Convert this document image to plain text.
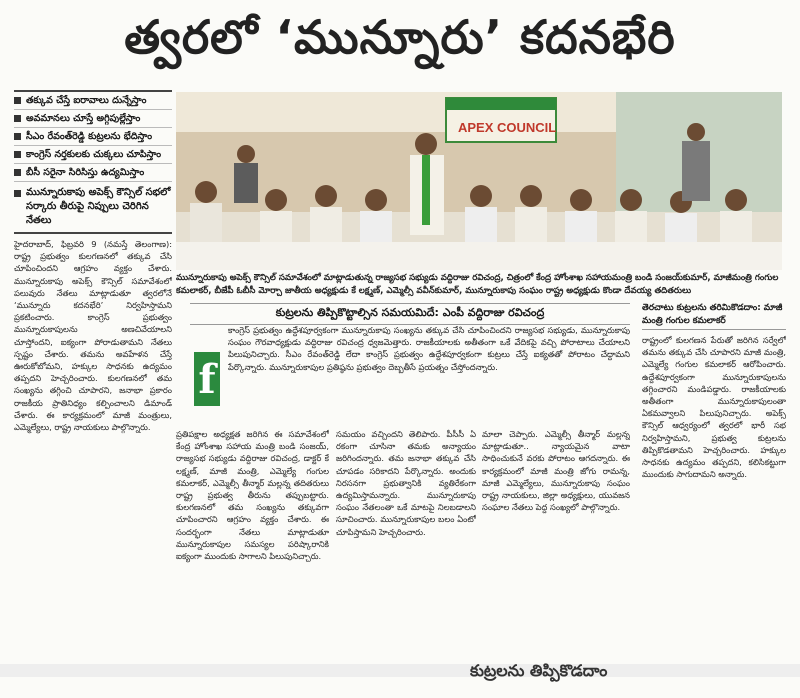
త్వరలో ‘మున్నూరు’ కదనభేరి
తక్కువ చేస్తే ఐరావాలు దున్నేస్తాం
అవమానలు చూస్తే అగ్గిపుల్లేస్తాం
సీఎం రేవంత్‌రెడ్డి కుట్రలను భేదిస్తాం
కాంగ్రెస్ నర్తకులకు చుక్కలు చూపిస్తాం
బీసీ సరైనా సిరిసిస్తు ఉద్యమిస్తాం
మున్నూరుకాపు అపెక్స్ కౌన్సిల్ సభలో సర్కారు తీరుపై నిప్పులు చెరిగిన నేతలు
హైదరాబాద్, ఫిబ్రవరి 9 (నమస్తే తెలంగాణ): రాష్ట్ర ప్రభుత్వం కులగణనలో తక్కువ చేసి చూపించిందని ఆగ్రహం వ్యక్తం చేశారు. మున్నూరుకాపు అపెక్స్ కౌన్సిల్ సమావేశంలో పలువురు నేతలు మాట్లాడుతూ త్వరలోనే ‘మున్నూరు కదనభేరి’ నిర్వహిస్తామని ప్రకటించారు. కాంగ్రెస్ ప్రభుత్వం మున్నూరుకాపులను అణచివేయాలని చూస్తోందని, ఐక్యంగా పోరాడుతామని నేతలు స్పష్టం చేశారు. తమను అవహేళన చేస్తే ఊరుకోబోమని, హక్కుల సాధనకు ఉద్యమం తప్పదని హెచ్చరించారు. కులగణనలో తమ సంఖ్యను తగ్గించి చూపారని, జనాభా ప్రకారం రాజకీయ ప్రాతినిధ్యం కల్పించాలని డిమాండ్ చేశారు. ఈ కార్యక్రమంలో మాజీ మంత్రులు, ఎమ్మెల్యేలు, రాష్ట్ర నాయకులు పాల్గొన్నారు.
APEX COUNCIL
మున్నూరుకాపు అపెక్స్ కౌన్సిల్ సమావేశంలో మాట్లాడుతున్న రాజ్యసభ సభ్యుడు వద్దిరాజు రవిచంద్ర, చిత్రంలో కేంద్ర హోంశాఖ సహాయమంత్రి బండి సంజయ్‌కుమార్, మాజీమంత్రి గంగుల కమలాకర్, బీజేపీ ఓబీసీ మోర్చా జాతీయ అధ్యక్షుడు కే లక్ష్మణ్, ఎమ్మెల్సీ వవీన్‌కుమార్, మున్నూరుకాపు సంఘం రాష్ట్ర అధ్యక్షుడు కొండా దేవయ్య తదితరులు
కుట్రలను తిప్పికొట్టాల్సిన సమయమిదే: ఎంపీ వద్దిరాజు రవిచంద్ర
f
కాంగ్రెస్ ప్రభుత్వం ఉద్దేశపూర్వకంగా మున్నూరుకాపు సంఖ్యను తక్కువ చేసి చూపించిందని రాజ్యసభ సభ్యుడు, మున్నూరుకాపు సంఘం గౌరవాధ్యక్షుడు వద్దిరాజు రవిచంద్ర ధ్వజమెత్తారు. రాజకీయాలకు అతీతంగా ఒకే వేదికపై వచ్చి పోరాటాలు చేయాలని పిలుపునిచ్చారు. సీఎం రేవంత్‌రెడ్డి లేదా కాంగ్రెస్ ప్రభుత్వం ఉద్దేశపూర్వకంగా కుట్రలు చేస్తే ఐక్యతతో పోరాటం చేద్దామని పేర్కొన్నారు. మున్నూరుకాపుల ప్రతిష్ఠను ప్రభుత్వం దెబ్బతీసే ప్రయత్నం చేస్తోందన్నారు.
ప్రతిపక్షాల అధ్యక్షత జరిగిన ఈ సమావేశంలో కేంద్ర హోంశాఖ సహాయ మంత్రి బండి సంజయ్, రాజ్యసభ సభ్యుడు వద్దిరాజు రవిచంద్ర, డాక్టర్ కే లక్ష్మణ్, మాజీ మంత్రి, ఎమ్మెల్యే గంగుల కమలాకర్, ఎమ్మెల్సీ తీన్మార్ మల్లన్న తదితరులు రాష్ట్ర ప్రభుత్వ తీరును తప్పుబట్టారు. కులగణనలో తమ సంఖ్యను తక్కువగా చూపించారని ఆగ్రహం వ్యక్తం చేశారు. ఈ సందర్భంగా నేతలు మాట్లాడుతూ మున్నూరుకాపుల సమస్యల పరిష్కారానికి ఐక్యంగా ముందుకు సాగాలని పిలుపునిచ్చారు.
సమయం వచ్చిందని తెలిపారు. పీసీసీ ఏ రకంగా చూసినా తమకు అన్యాయం జరిగిందన్నారు. తమ జనాభా తక్కువ చేసి చూపడం సరికాదని పేర్కొన్నారు. అందుకు నిరసనగా ప్రభుత్వానికి వ్యతిరేకంగా ఉద్యమిస్తామన్నారు. మున్నూరుకాపు సంఘం నేతలంతా ఒకే మాటపై నిలబడాలని సూచించారు. మున్నూరుకాపుల బలం ఏంటో చూపిస్తామని హెచ్చరించారు.
మాలా చెప్పారు. ఎమ్మెల్సీ తీన్మార్ మల్లన్న మాట్లాడుతూ.. న్యాయమైన వాటా సాధించుకునే వరకు పోరాటం ఆగదన్నారు. ఈ కార్యక్రమంలో మాజీ మంత్రి జోగు రామన్న, మాజీ ఎమ్మెల్యేలు, మున్నూరుకాపు సంఘం రాష్ట్ర నాయకులు, జిల్లా అధ్యక్షులు, యువజన సంఘాల నేతలు పెద్ద సంఖ్యలో పాల్గొన్నారు.
తెరచాటు కుట్రలను తరిమికొడదాం: మాజీ మంత్రి గంగుల కమలాకర్
రాష్ట్రంలో కులగణన పేరుతో జరిగిన సర్వేలో తమను తక్కువ చేసి చూపారని మాజీ మంత్రి, ఎమ్మెల్యే గంగుల కమలాకర్ ఆరోపించారు. ఉద్దేశపూర్వకంగా మున్నూరుకాపులను తగ్గించారని మండిపడ్డారు. రాజకీయాలకు అతీతంగా మున్నూరుకాపులంతా ఏకమవ్వాలని పిలుపునిచ్చారు. అపెక్స్ కౌన్సిల్ ఆధ్వర్యంలో త్వరలో భారీ సభ నిర్వహిస్తామని, ప్రభుత్వ కుట్రలను తిప్పికొడతామని హెచ్చరించారు. హక్కుల సాధనకు ఉద్యమం తప్పదని, కలిసికట్టుగా ముందుకు సాగుదామని అన్నారు.
కుట్రలను తిప్పికొడదాం
